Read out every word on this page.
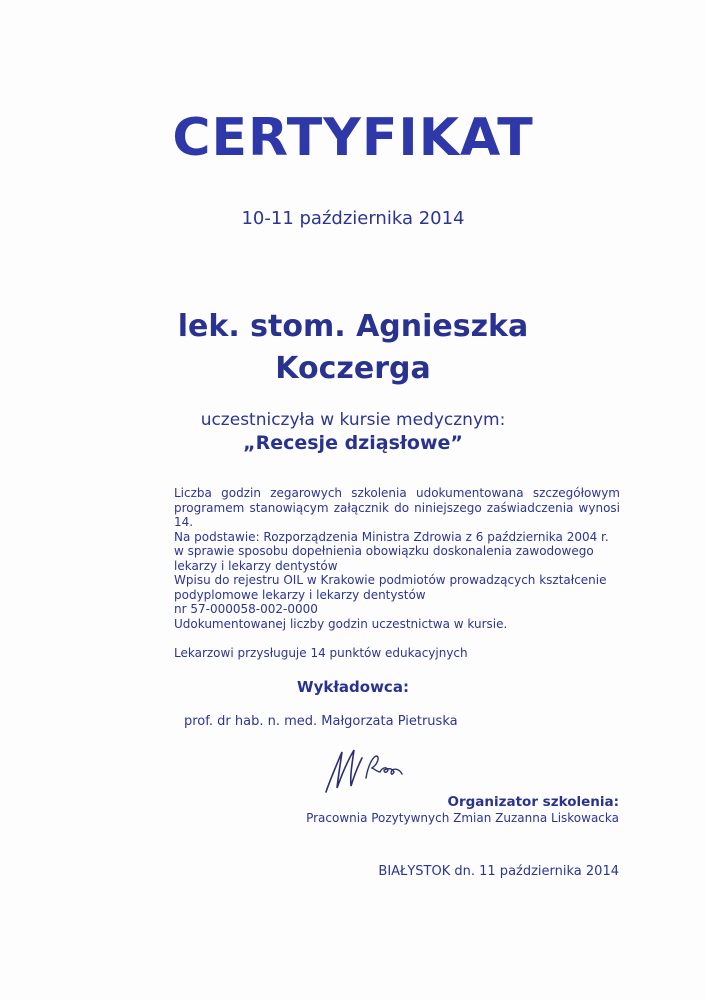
CERTYFIKAT
10-11 października 2014
lek. stom. Agnieszka
Koczerga
uczestniczyła w kursie medycznym:
„Recesje dziąsłowe”
Liczba godzin zegarowych szkolenia udokumentowana szczegółowym programem stanowiącym załącznik do niniejszego zaświadczenia wynosi 14.
Na podstawie: Rozporządzenia Ministra Zdrowia z 6 października 2004 r.
w sprawie sposobu dopełnienia obowiązku doskonalenia zawodowego
lekarzy i lekarzy dentystów
Wpisu do rejestru OIL w Krakowie podmiotów prowadzących kształcenie
podyplomowe lekarzy i lekarzy dentystów
nr 57-000058-002-0000
Udokumentowanej liczby godzin uczestnictwa w kursie.
Lekarzowi przysługuje 14 punktów edukacyjnych
Wykładowca:
prof. dr hab. n. med. Małgorzata Pietruska
Organizator szkolenia:
Pracownia Pozytywnych Zmian Zuzanna Liskowacka
BIAŁYSTOK dn. 11 października 2014
